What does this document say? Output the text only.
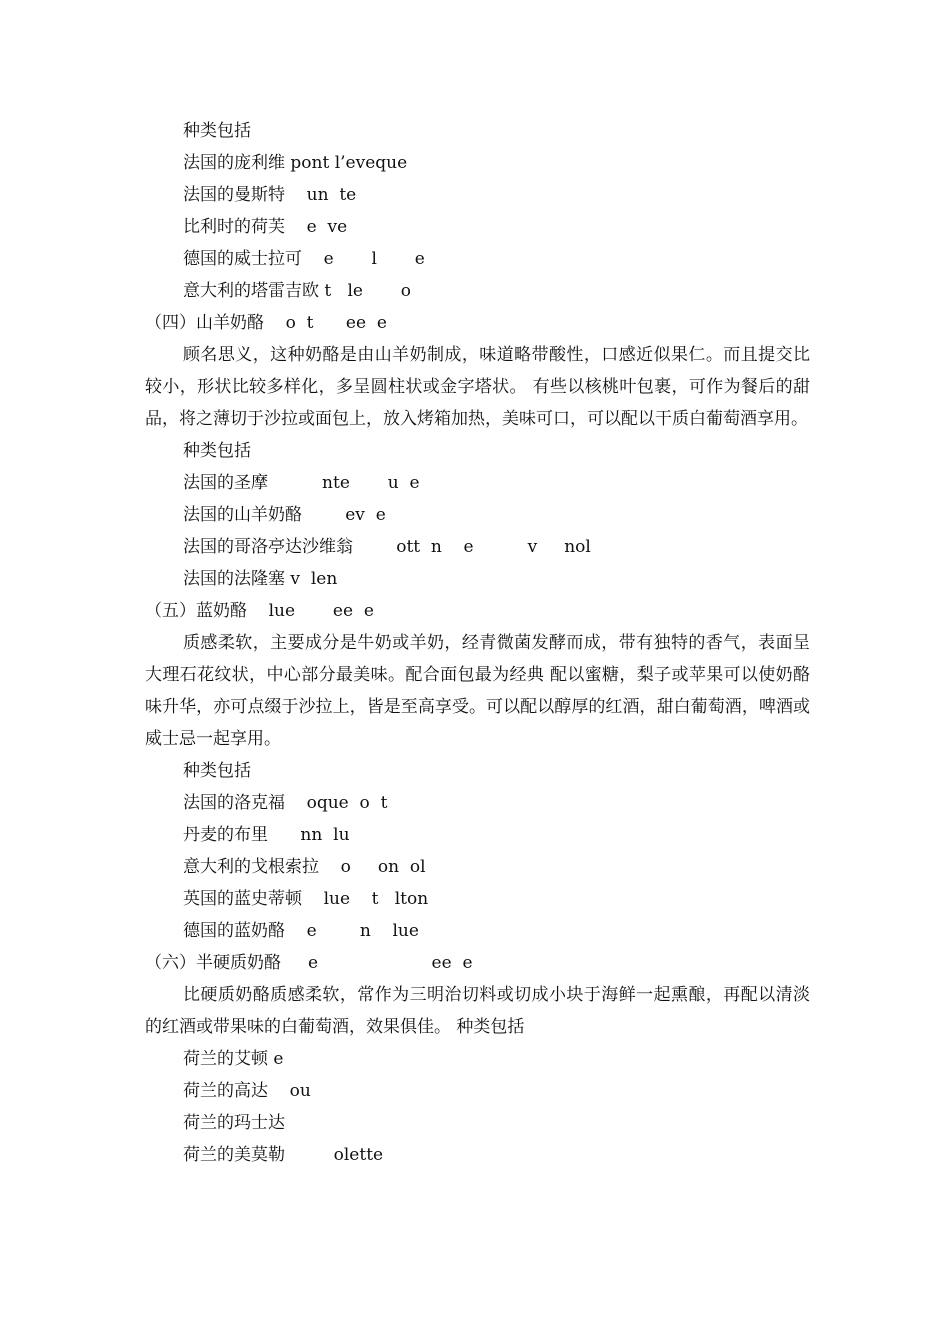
种类包括
法国的庞利维 pont l’eveque
法国的曼斯特    un  te
比利时的荷芙    e  ve
德国的威士拉可    e       l       e
意大利的塔雷吉欧 t   le       o
（四）山羊奶酪    o  t      ee  e
顾名思义，这种奶酪是由山羊奶制成，味道略带酸性，口感近似果仁。而且提交比较小，形状比较多样化，多呈圆柱状或金字塔状。 有些以核桃叶包裹，可作为餐后的甜品，将之薄切于沙拉或面包上，放入烤箱加热，美味可口，可以配以干质白葡萄酒享用。
种类包括
法国的圣摩          nte       u  e
法国的山羊奶酪        ev  e
法国的哥洛亭达沙维翁        ott  n    e          v     nol
法国的法隆塞 v  len
（五）蓝奶酪    lue       ee  e
质感柔软，主要成分是牛奶或羊奶，经青微菌发酵而成，带有独特的香气，表面呈大理石花纹状，中心部分最美味。配合面包最为经典 配以蜜糖，梨子或苹果可以使奶酪味升华，亦可点缀于沙拉上，皆是至高享受。可以配以醇厚的红酒，甜白葡萄酒，啤酒或威士忌一起享用。
种类包括
法国的洛克福    oque  o  t
丹麦的布里      nn  lu
意大利的戈根索拉    o     on  ol
英国的蓝史蒂顿    lue    t   lton
德国的蓝奶酪    e        n    lue
（六）半硬质奶酪     e                     ee  e
比硬质奶酪质感柔软，常作为三明治切料或切成小块于海鲜一起熏酿，再配以清淡的红酒或带果味的白葡萄酒，效果俱佳。 种类包括
荷兰的艾顿 e
荷兰的高达    ou
荷兰的玛士达
荷兰的美莫勒         olette
